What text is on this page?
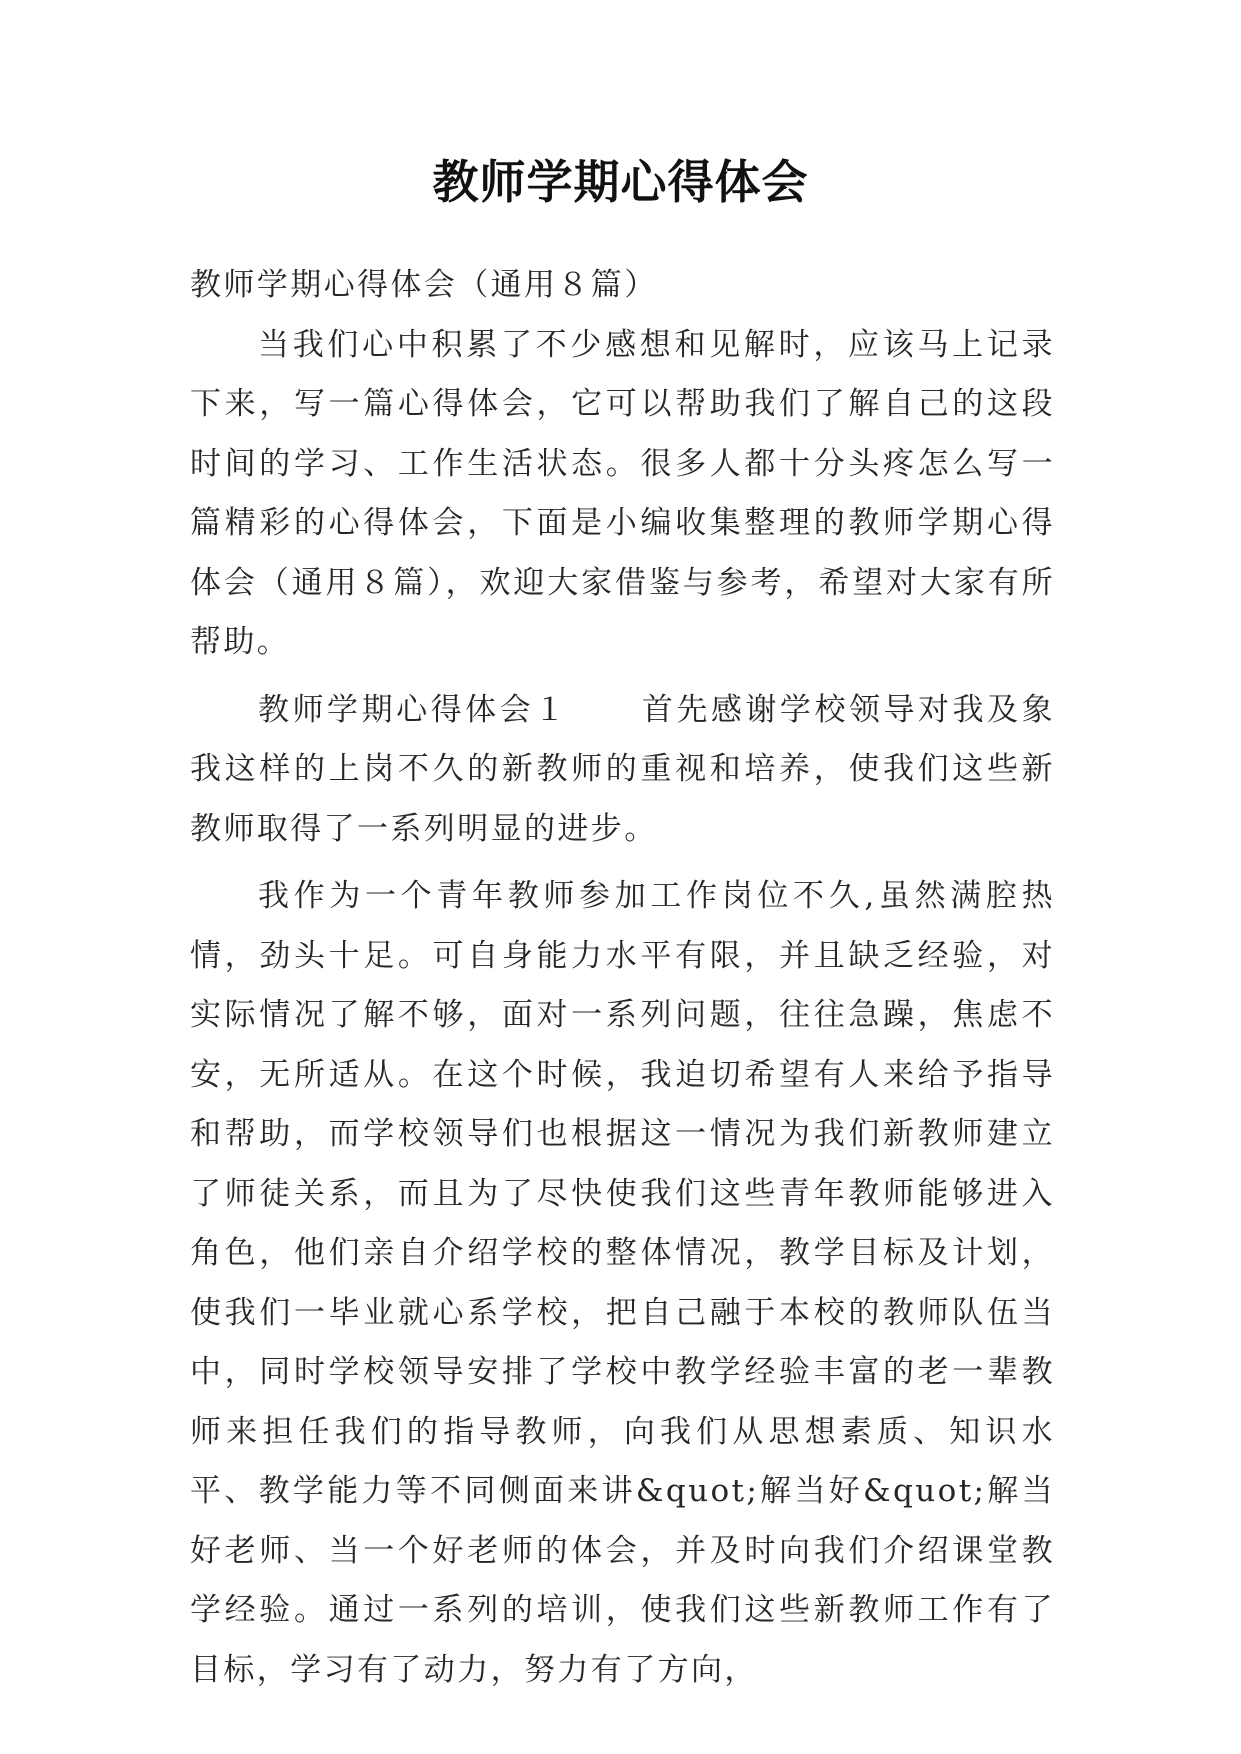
教师学期心得体会

教师学期心得体会（通用８篇）

当我们心中积累了不少感想和见解时，应该马上记录下来，写一篇心得体会，它可以帮助我们了解自己的这段时间的学习、工作生活状态。很多人都十分头疼怎么写一篇精彩的心得体会，下面是小编收集整理的教师学期心得体会（通用８篇），欢迎大家借鉴与参考，希望对大家有所帮助。

教师学期心得体会１ 首先感谢学校领导对我及象我这样的上岗不久的新教师的重视和培养，使我们这些新教师取得了一系列明显的进步。

我作为一个青年教师参加工作岗位不久,虽然满腔热情，劲头十足。可自身能力水平有限，并且缺乏经验，对实际情况了解不够，面对一系列问题，往往急躁，焦虑不安，无所适从。在这个时候，我迫切希望有人来给予指导和帮助，而学校领导们也根据这一情况为我们新教师建立了师徒关系，而且为了尽快使我们这些青年教师能够进入角色，他们亲自介绍学校的整体情况，教学目标及计划，使我们一毕业就心系学校，把自己融于本校的教师队伍当中，同时学校领导安排了学校中教学经验丰富的老一辈教师来担任我们的指导教师，向我们从思想素质、知识水平、教学能力等不同侧面来讲&quot;解当好&quot;解当好老师、当一个好老师的体会，并及时向我们介绍课堂教学经验。通过一系列的培训，使我们这些新教师工作有了目标，学习有了动力，努力有了方向，
